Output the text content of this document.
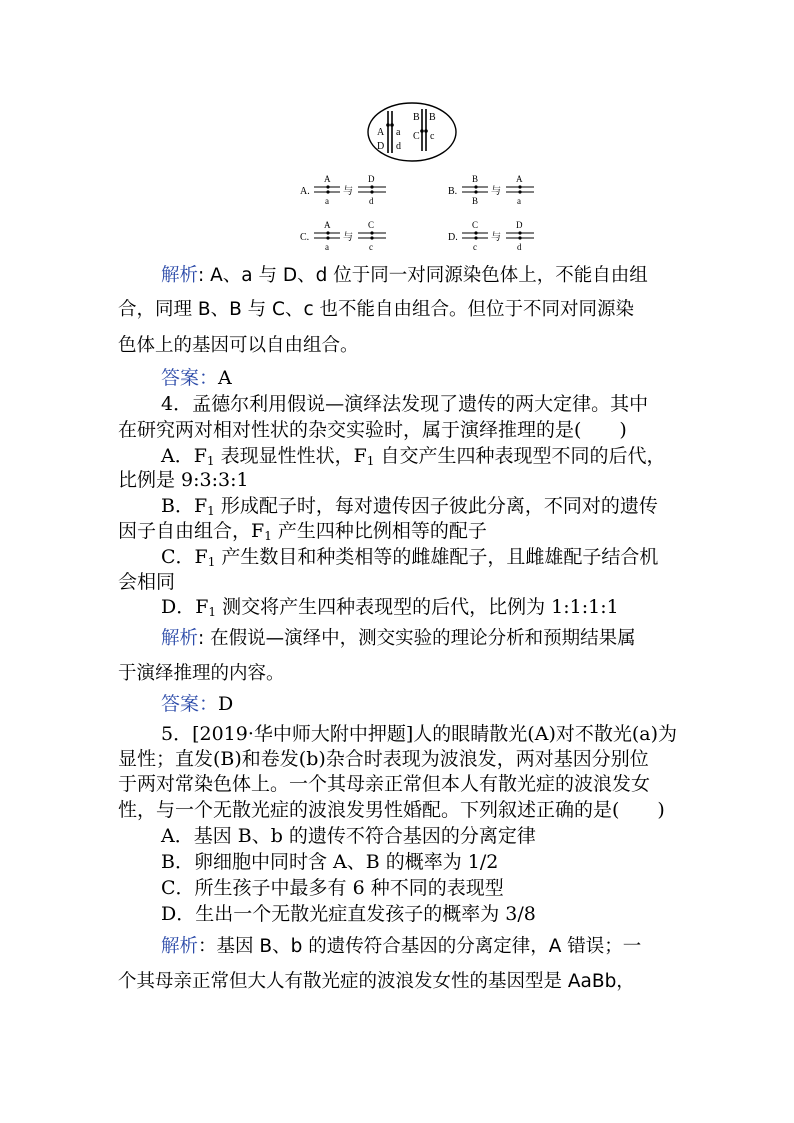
A a
D d
B B
C c
A.
A
a
与
D
d
B.
B
B
与
A
a
C.
A
a
与
C
c
D.
C
c
与
D
d
解析: A、a 与 D、d 位于同一对同源染色体上，不能自由组
合，同理 B、B 与 C、c 也不能自由组合。但位于不同对同源染
色体上的基因可以自由组合。
答案：A
4．孟德尔利用假说—演绎法发现了遗传的两大定律。其中
在研究两对相对性状的杂交实验时，属于演绎推理的是(　　)
A．$F_1$ 表现显性性状，$F_1$ 自交产生四种表现型不同的后代，
比例是 9:3:3:1
B．$F_1$ 形成配子时，每对遗传因子彼此分离，不同对的遗传
因子自由组合，$F_1$ 产生四种比例相等的配子
C．$F_1$ 产生数目和种类相等的雌雄配子，且雌雄配子结合机
会相同
D．$F_1$ 测交将产生四种表现型的后代，比例为 1:1:1:1
解析: 在假说—演绎中，测交实验的理论分析和预期结果属
于演绎推理的内容。
答案：D
5．[2019·华中师大附中押题]人的眼睛散光(A)对不散光(a)为
显性；直发(B)和卷发(b)杂合时表现为波浪发，两对基因分别位
于两对常染色体上。一个其母亲正常但本人有散光症的波浪发女
性，与一个无散光症的波浪发男性婚配。下列叙述正确的是(　　)
A．基因 B、b 的遗传不符合基因的分离定律
B．卵细胞中同时含 A、B 的概率为 1/2
C．所生孩子中最多有 6 种不同的表现型
D．生出一个无散光症直发孩子的概率为 3/8
解析：基因 B、b 的遗传符合基因的分离定律，A 错误；一
个其母亲正常但大人有散光症的波浪发女性的基因型是 AaBb，
